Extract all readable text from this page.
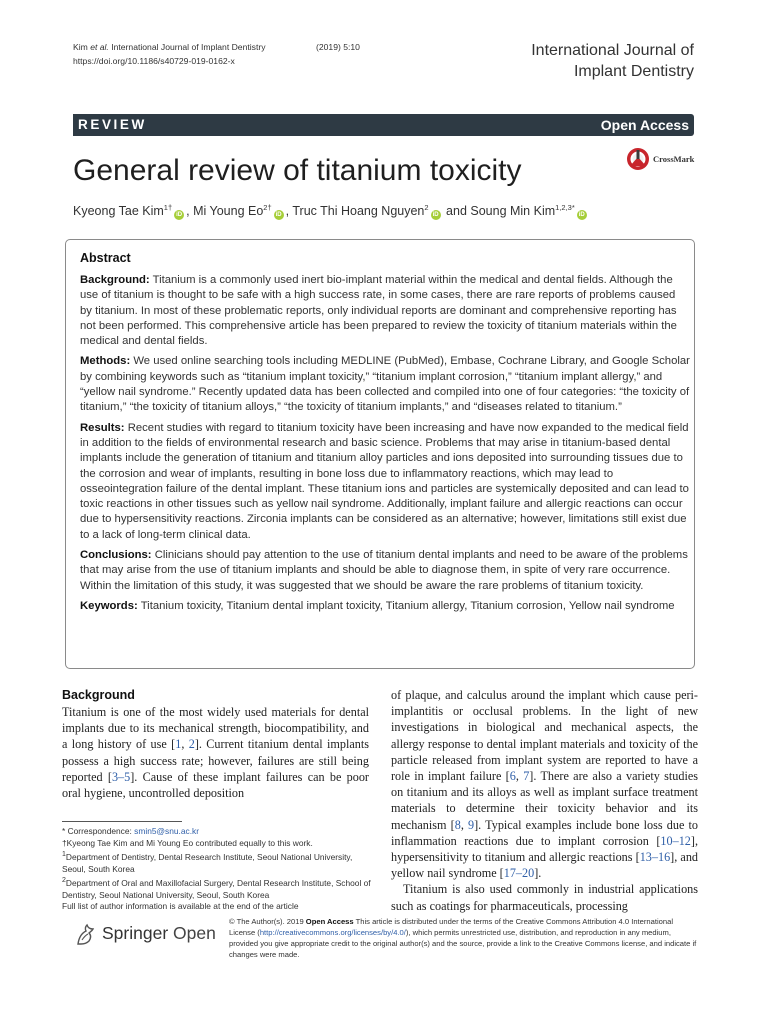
Kim et al. International Journal of Implant Dentistry	(2019) 5:10
https://doi.org/10.1186/s40729-019-0162-x
International Journal of
Implant Dentistry
REVIEW	Open Access
General review of titanium toxicity	CrossMark
Kyeong Tae Kim$^{1\dagger}$iD , Mi Young $Eo^{2\dagger}iD$ , Truc Thi Hoang Nguyen$^2$iD and Soung Min Kim$^{1,2,3*}$iD
Abstract

Background: Titanium is a commonly used inert bio-implant material within the medical and dental fields. Although the use of titanium is thought to be safe with a high success rate, in some cases, there are rare reports of problems caused by titanium. In most of these problematic reports, only individual reports are dominant and comprehensive reporting has not been performed. This comprehensive article has been prepared to review the toxicity of titanium materials within the medical and dental fields.

Methods: We used online searching tools including MEDLINE (PubMed), Embase, Cochrane Library, and Google Scholar by combining keywords such as “titanium implant toxicity,” “titanium implant corrosion,” “titanium implant allergy,” and “yellow nail syndrome.” Recently updated data has been collected and compiled into one of four categories: “the toxicity of titanium,” “the toxicity of titanium alloys,” “the toxicity of titanium implants,” and “diseases related to titanium.”

Results: Recent studies with regard to titanium toxicity have been increasing and have now expanded to the medical field in addition to the fields of environmental research and basic science. Problems that may arise in titanium-based dental implants include the generation of titanium and titanium alloy particles and ions deposited into surrounding tissues due to the corrosion and wear of implants, resulting in bone loss due to inflammatory reactions, which may lead to osseointegration failure of the dental implant. These titanium ions and particles are systemically deposited and can lead to toxic reactions in other tissues such as yellow nail syndrome. Additionally, implant failure and allergic reactions can occur due to hypersensitivity reactions. Zirconia implants can be considered as an alternative; however, limitations still exist due to a lack of long-term clinical data.

Conclusions: Clinicians should pay attention to the use of titanium dental implants and need to be aware of the problems that may arise from the use of titanium implants and should be able to diagnose them, in spite of very rare occurrence. Within the limitation of this study, it was suggested that we should be aware the rare problems of titanium toxicity.

Keywords: Titanium toxicity, Titanium dental implant toxicity, Titanium allergy, Titanium corrosion, Yellow nail syndrome

Background

Titanium is one of the most widely used materials for dental implants due to its mechanical strength, biocompatibility, and a long history of use [1, 2]. Current titanium dental implants possess a high success rate; however, failures are still being reported [3–5]. Cause of these implant failures can be poor oral hygiene, uncontrolled deposition

* Correspondence: smin5@snu.ac.kr
†Kyeong Tae Kim and Mi Young Eo contributed equally to this work.
$^1$Department of Dentistry, Dental Research Institute, Seoul National University, Seoul, South Korea
$^2$Department of Oral and Maxillofacial Surgery, Dental Research Institute, School of Dentistry, Seoul National University, Seoul, South Korea
Full list of author information is available at the end of the article

of plaque, and calculus around the implant which cause peri-implantitis or occlusal problems. In the light of new investigations in biological and mechanical aspects, the allergy response to dental implant materials and toxicity of the particle released from implant system are reported to have a role in implant failure [6, 7]. There are also a variety studies on titanium and its alloys as well as implant surface treatment materials to determine their toxicity behavior and its mechanism [8, 9]. Typical examples include bone loss due to inflammation reactions due to implant corrosion [10–12], hypersensitivity to titanium and allergic reactions [13–16], and yellow nail syndrome [17–20].

Titanium is also used commonly in industrial applications such as coatings for pharmaceuticals, processing

Springer Open
© The Author(s). 2019 Open Access This article is distributed under the terms of the Creative Commons Attribution 4.0 International License (http://creativecommons.org/licenses/by/4.0/), which permits unrestricted use, distribution, and reproduction in any medium, provided you give appropriate credit to the original author(s) and the source, provide a link to the Creative Commons license, and indicate if changes were made.
